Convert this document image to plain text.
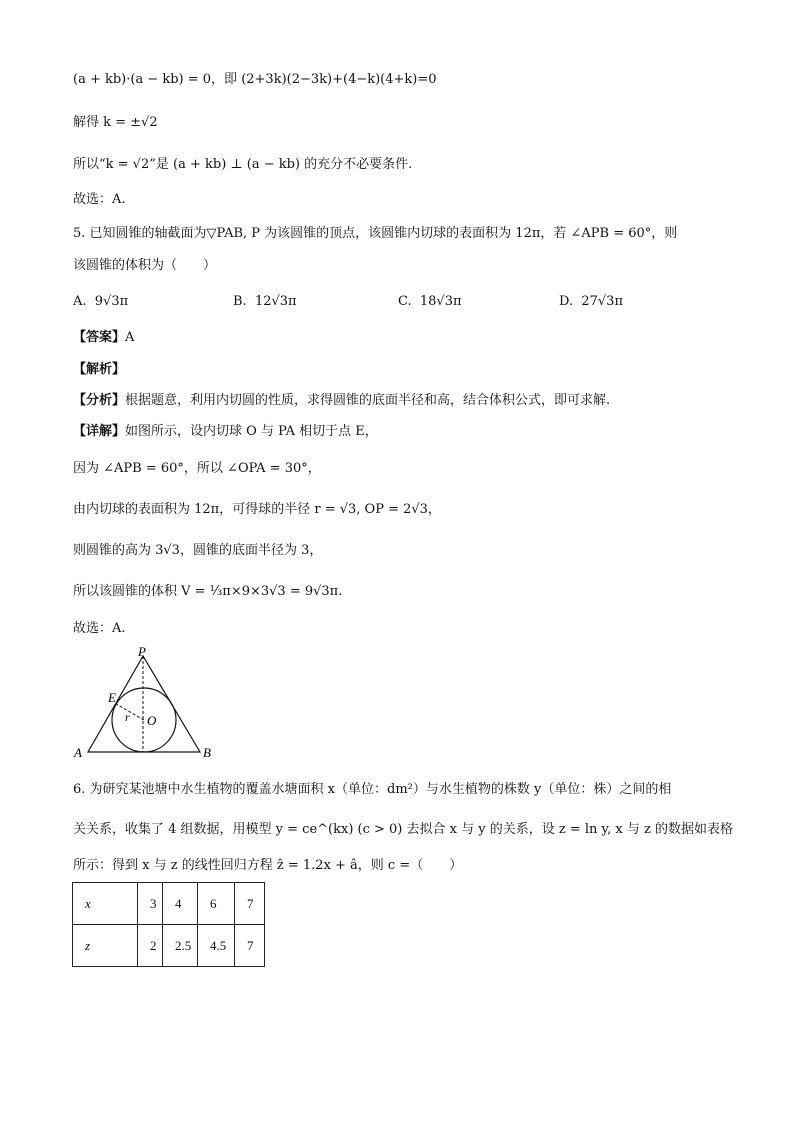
(a + kb)·(a − kb) = 0，即 (2+3k)(2−3k)+(4−k)(4+k)=0
解得 k = ±√2
所以“k = √2”是 (a + kb) ⊥ (a − kb) 的充分不必要条件.
故选：A.
5. 已知圆锥的轴截面为▽PAB, P 为该圆锥的顶点，该圆锥内切球的表面积为 12π，若 ∠APB = 60°，则
该圆锥的体积为（　　）
A. 9√3π	B. 12√3π	C. 18√3π	D. 27√3π
【答案】A
【解析】
【分析】根据题意，利用内切圆的性质，求得圆锥的底面半径和高，结合体积公式，即可求解.
【详解】如图所示，设内切球 O 与 PA 相切于点 E，
因为 ∠APB = 60°，所以 ∠OPA = 30°，
由内切球的表面积为 12π，可得球的半径 r = √3, OP = 2√3，
则圆锥的高为 3√3，圆锥的底面半径为 3，
所以该圆锥的体积 V = ⅓π×9×3√3 = 9√3π.
故选：A.
P
E
r O
A	B
6. 为研究某池塘中水生植物的覆盖水塘面积 x（单位：dm²）与水生植物的株数 y（单位：株）之间的相
关关系，收集了 4 组数据，用模型 y = ce^(kx) (c > 0) 去拟合 x 与 y 的关系，设 z = ln y, x 与 z 的数据如表格
所示：得到 x 与 z 的线性回归方程 ẑ = 1.2x + â，则 c =（　　）
x	3	4	6	7
z	2	2.5	4.5	7
